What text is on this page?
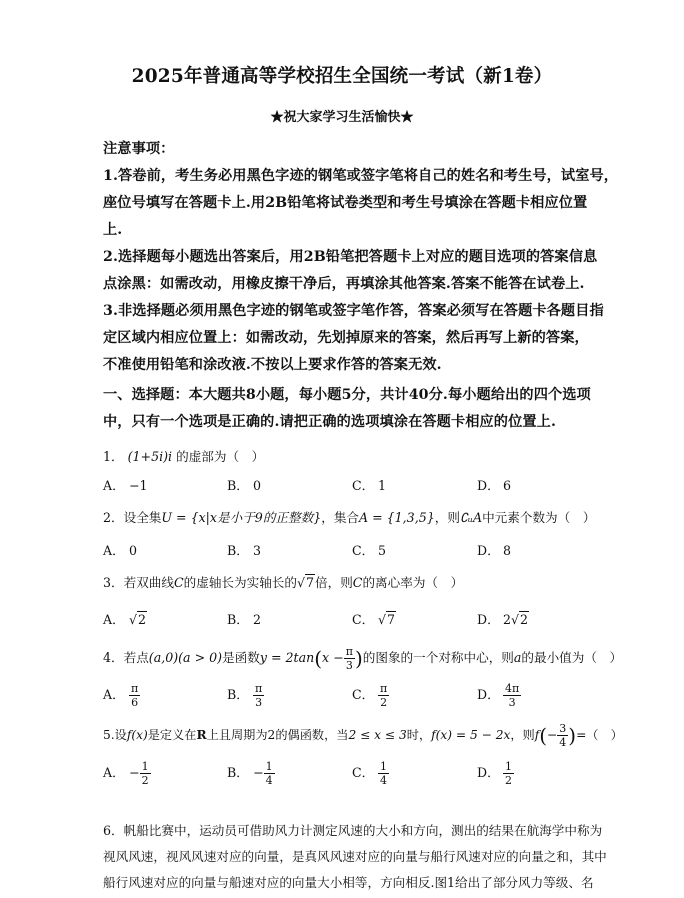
2025年普通高等学校招生全国统一考试（新1卷）
★祝大家学习生活愉快★
注意事项：
1.答卷前，考生务必用黑色字迹的钢笔或签字笔将自己的姓名和考生号，试室号，
座位号填写在答题卡上.用2B铅笔将试卷类型和考生号填涂在答题卡相应位置
上.
2.选择题每小题选出答案后，用2B铅笔把答题卡上对应的题目选项的答案信息
点涂黑：如需改动，用橡皮擦干净后，再填涂其他答案.答案不能答在试卷上.
3.非选择题必须用黑色字迹的钢笔或签字笔作答，答案必须写在答题卡各题目指
定区域内相应位置上：如需改动，先划掉原来的答案，然后再写上新的答案，
不准使用铅笔和涂改液.不按以上要求作答的答案无效.
一、选择题：本大题共8小题，每小题5分，共计40分.每小题给出的四个选项
中，只有一个选项是正确的.请把正确的选项填涂在答题卡相应的位置上.
1． (1+5i)i 的虚部为（　）
A． −1	B． 0	C． 1	D． 6
2．设全集U = {x|x是小于9的正整数}，集合A = {1,3,5}，则∁ᵤA中元素个数为（　）
A． 0	B． 3	C． 5	D． 8
3．若双曲线C的虚轴长为实轴长的√7倍，则C的离心率为（　）
A． √2	B． 2	C． √7	D． 2√2
4．若点(a,0)(a > 0)是函数$y = 2\tan(x - \frac{\pi}{3}$ )的图象的一个对称中心，则a的最小值为（　）
A． $\frac{\pi}{6}$	B． $\frac{\pi}{3}$	C． $\frac{\pi}{2}$	D． $\frac{4\pi}{3}$
5.设f(x)是定义在R上且周期为2的偶函数，当2 ≤ x ≤ 3时，f(x) = 5 − 2x，则$f(- \frac{3}{4}$ )=（　）
A． − $\frac{1}{2}$	B． − $\frac{1}{4}$	C． $\frac{1}{4}$	D． $\frac{1}{2}$
6．帆船比赛中，运动员可借助风力计测定风速的大小和方向，测出的结果在航海学中称为
视风风速，视风风速对应的向量，是真风风速对应的向量与船行风速对应的向量之和，其中
船行风速对应的向量与船速对应的向量大小相等，方向相反.图1给出了部分风力等级、名
